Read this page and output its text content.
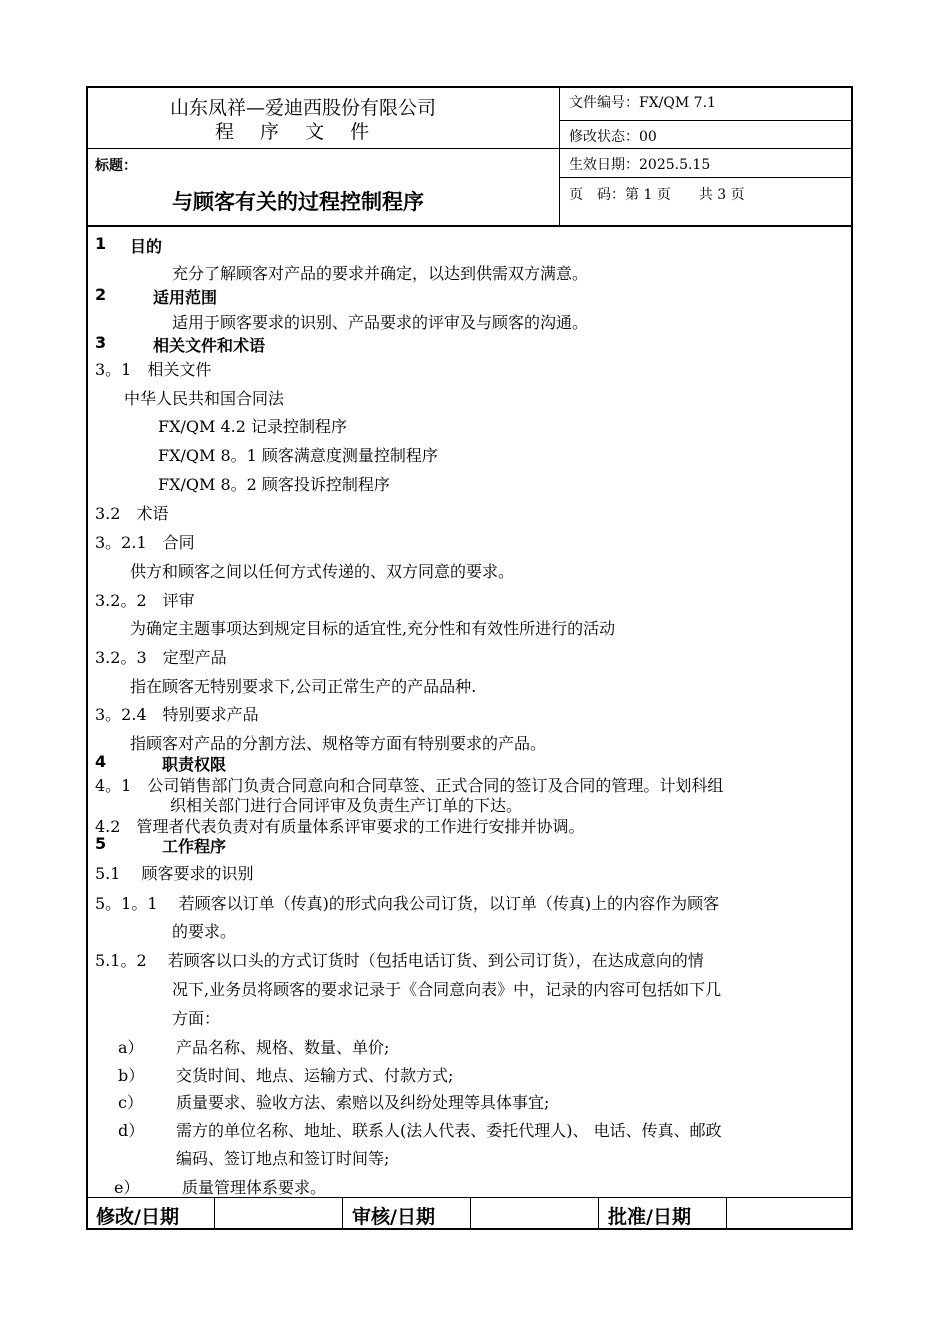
山东凤祥—爱迪西股份有限公司
程 序 文 件
标题：
与顾客有关的过程控制程序
文件编号：FX/QM 7.1
修改状态：00
生效日期：2025.5.15
页　码：第 1 页　　共 3 页
1 目的
充分了解顾客对产品的要求并确定，以达到供需双方满意。
2	适用范围
适用于顾客要求的识别、产品要求的评审及与顾客的沟通。
3	相关文件和术语
3。1　相关文件
中华人民共和国合同法
FX/QM 4.2 记录控制程序
FX/QM 8。1 顾客满意度测量控制程序
FX/QM 8。2 顾客投诉控制程序
3.2　术语
3。2.1　合同
供方和顾客之间以任何方式传递的、双方同意的要求。
3.2。2　评审
为确定主题事项达到规定目标的适宜性,充分性和有效性所进行的活动
3.2。3　定型产品
指在顾客无特别要求下,公司正常生产的产品品种.
3。2.4　特别要求产品
指顾客对产品的分割方法、规格等方面有特别要求的产品。
4	职责权限
4。1　公司销售部门负责合同意向和合同草签、正式合同的签订及合同的管理。计划科组
织相关部门进行合同评审及负责生产订单的下达。
4.2　管理者代表负责对有质量体系评审要求的工作进行安排并协调。
5	工作程序
5.1　 顾客要求的识别
5。1。1　 若顾客以订单（传真)的形式向我公司订货，以订单（传真)上的内容作为顾客
的要求。
5.1。2　 若顾客以口头的方式订货时（包括电话订货、到公司订货），在达成意向的情
况下,业务员将顾客的要求记录于《合同意向表》中，记录的内容可包括如下几
方面：
a） 产品名称、规格、数量、单价;
b） 交货时间、地点、运输方式、付款方式;
c） 质量要求、验收方法、索赔以及纠纷处理等具体事宜;
d） 需方的单位名称、地址、联系人(法人代表、委托代理人)、 电话、传真、邮政
编码、签订地点和签订时间等;
e）	质量管理体系要求。
修改/日期	审核/日期	批准/日期
